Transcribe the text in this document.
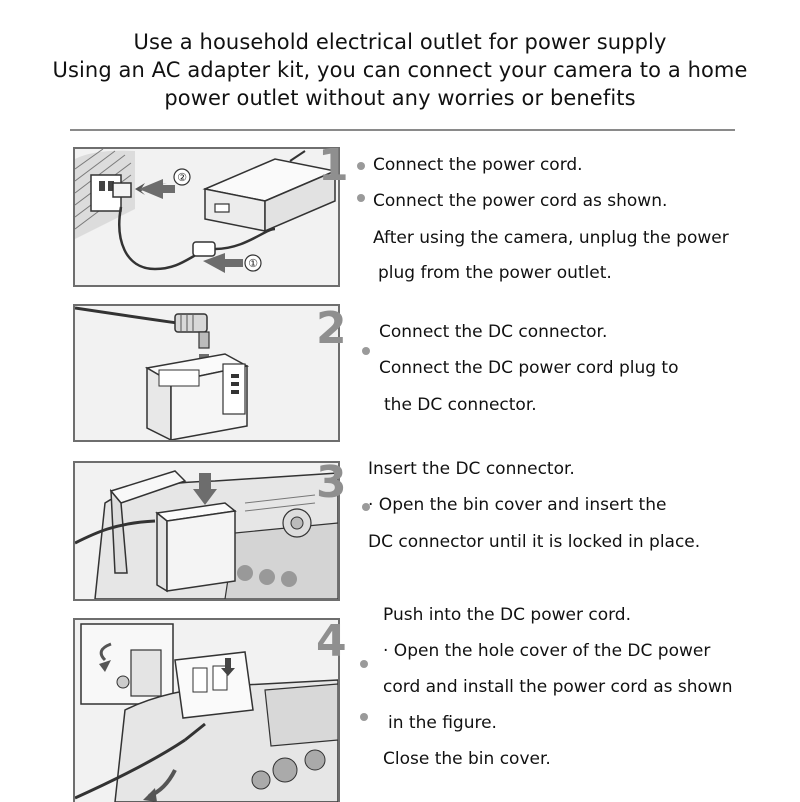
Use a household electrical outlet for power supply
Using an AC adapter kit, you can connect your camera to a home
power outlet without any worries or benefits
②
①
1 Connect the power cord.
Connect the power cord as shown.
After using the camera, unplug the power
plug from the power outlet.
2 Connect the DC connector.
Connect the DC power cord plug to
the DC connector.
3 Insert the DC connector.
· Open the bin cover and insert the
DC connector until it is locked in place.
4
Push into the DC power cord.
· Open the hole cover of the DC power
cord and install the power cord as shown
in the figure.
Close the bin cover.
